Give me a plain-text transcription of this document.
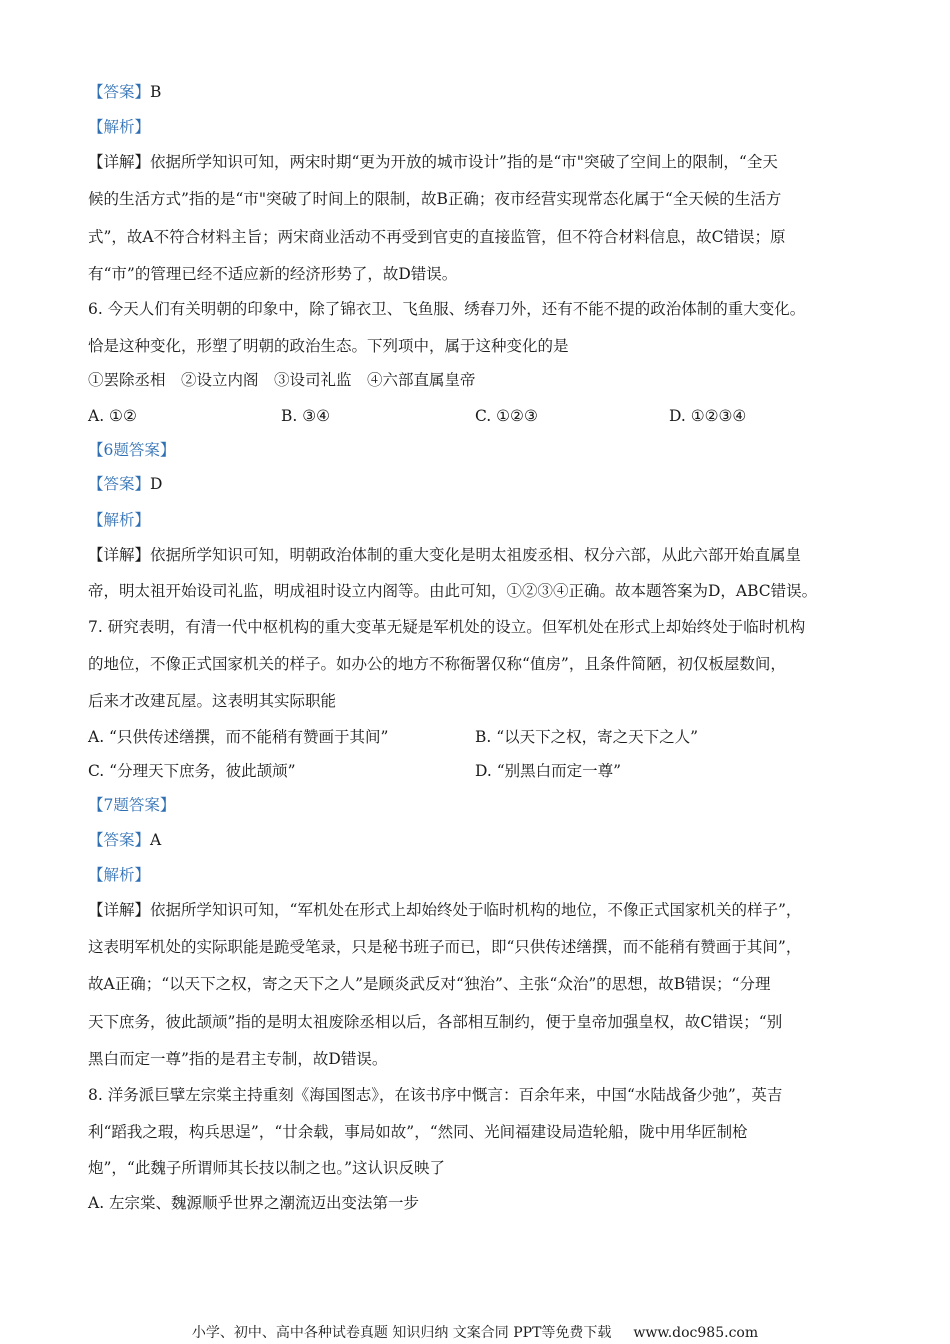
【答案】B
【解析】
【详解】依据所学知识可知，两宋时期“更为开放的城市设计”指的是“市"突破了空间上的限制，“全天
候的生活方式”指的是“市"突破了时间上的限制，故B正确；夜市经营实现常态化属于“全天候的生活方
式”，故A不符合材料主旨；两宋商业活动不再受到官吏的直接监管，但不符合材料信息，故C错误；原
有“市”的管理已经不适应新的经济形势了，故D错误。
6. 今天人们有关明朝的印象中，除了锦衣卫、飞鱼服、绣春刀外，还有不能不提的政治体制的重大变化。
恰是这种变化，形塑了明朝的政治生态。下列项中，属于这种变化的是
①罢除丞相　②设立内阁　③设司礼监　④六部直属皇帝
A. ①②	B. ③④	C. ①②③	D. ①②③④
【6题答案】
【答案】D
【解析】
【详解】依据所学知识可知，明朝政治体制的重大变化是明太祖废丞相、权分六部，从此六部开始直属皇
帝，明太祖开始设司礼监，明成祖时设立内阁等。由此可知，①②③④正确。故本题答案为D，ABC错误。
7. 研究表明，有清一代中枢机构的重大变革无疑是军机处的设立。但军机处在形式上却始终处于临时机构
的地位，不像正式国家机关的样子。如办公的地方不称衙署仅称“值房”，且条件简陋，初仅板屋数间，
后来才改建瓦屋。这表明其实际职能
A. “只供传述缮撰，而不能稍有赞画于其间”	B. “以天下之权，寄之天下之人”
C. “分理天下庶务，彼此颉颃”	D. “别黑白而定一尊”
【7题答案】
【答案】A
【解析】
【详解】依据所学知识可知，“军机处在形式上却始终处于临时机构的地位，不像正式国家机关的样子”，
这表明军机处的实际职能是跪受笔录，只是秘书班子而已，即“只供传述缮撰，而不能稍有赞画于其间”，
故A正确；“以天下之权，寄之天下之人”是顾炎武反对“独治”、主张“众治”的思想，故B错误；“分理
天下庶务，彼此颉颃”指的是明太祖废除丞相以后，各部相互制约，便于皇帝加强皇权，故C错误；“别
黑白而定一尊”指的是君主专制，故D错误。
8. 洋务派巨擘左宗棠主持重刻《海国图志》，在该书序中慨言：百余年来，中国“水陆战备少弛”，英吉
利“蹈我之瑕，构兵思逞”，“廿余载，事局如故”，“然同、光间福建设局造轮船，陇中用华匠制枪
炮”，“此魏子所谓师其长技以制之也。”这认识反映了
A. 左宗棠、魏源顺乎世界之潮流迈出变法第一步
小学、初中、高中各种试卷真题 知识归纳 文案合同 PPT等免费下载 www.doc985.com
